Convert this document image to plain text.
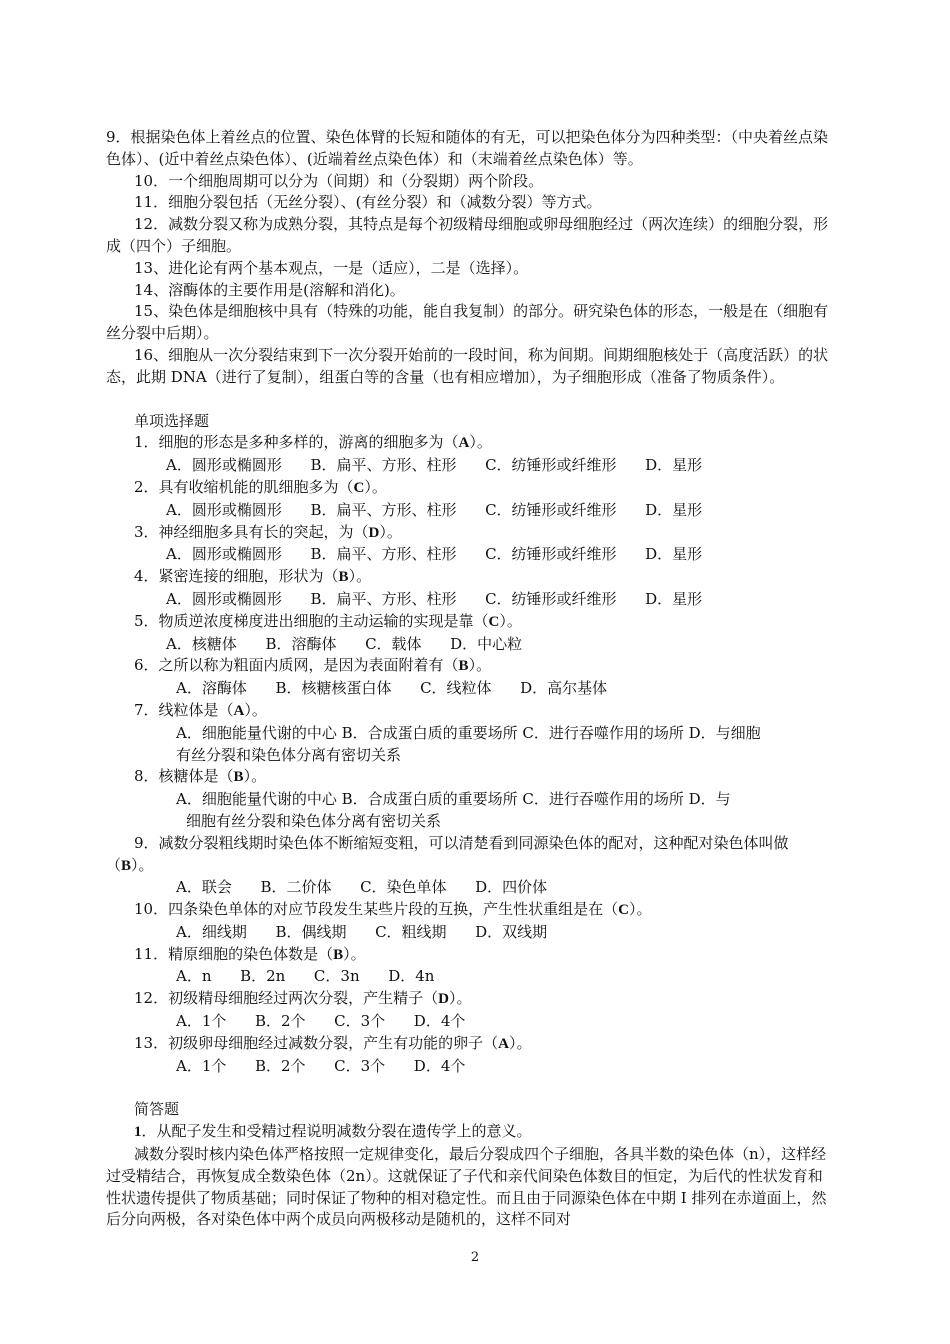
9．根据染色体上着丝点的位置、染色体臂的长短和随体的有无，可以把染色体分为四种类型：（中央着丝点染色体）、(近中着丝点染色体）、(近端着丝点染色体）和（末端着丝点染色体）等。

10．一个细胞周期可以分为（间期）和（分裂期）两个阶段。

11．细胞分裂包括（无丝分裂）、(有丝分裂）和（减数分裂）等方式。

12．减数分裂又称为成熟分裂，其特点是每个初级精母细胞或卵母细胞经过（两次连续）的细胞分裂，形成（四个）子细胞。

13、进化论有两个基本观点，一是（适应），二是（选择）。

14、溶酶体的主要作用是(溶解和消化)。

15、染色体是细胞核中具有（特殊的功能，能自我复制）的部分。研究染色体的形态，一般是在（细胞有丝分裂中后期）。

16、细胞从一次分裂结束到下一次分裂开始前的一段时间，称为间期。间期细胞核处于（高度活跃）的状态，此期 DNA（进行了复制），组蛋白等的含量（也有相应增加），为子细胞形成（准备了物质条件）。

单项选择题

1．细胞的形态是多种多样的，游离的细胞多为（A）。

A．圆形或椭圆形      B．扁平、方形、柱形      C．纺锤形或纤维形      D．星形

2．具有收缩机能的肌细胞多为（C）。

A．圆形或椭圆形      B．扁平、方形、柱形      C．纺锤形或纤维形      D．星形

3．神经细胞多具有长的突起，为（D）。

A．圆形或椭圆形      B．扁平、方形、柱形      C．纺锤形或纤维形      D．星形

4．紧密连接的细胞，形状为（B）。

A．圆形或椭圆形      B．扁平、方形、柱形      C．纺锤形或纤维形      D．星形

5．物质逆浓度梯度进出细胞的主动运输的实现是靠（C）。

A．核糖体      B．溶酶体      C．载体      D．中心粒

6．之所以称为粗面内质网，是因为表面附着有（B）。

A．溶酶体      B．核糖核蛋白体      C．线粒体      D．高尔基体

7．线粒体是（A）。

A．细胞能量代谢的中心 B．合成蛋白质的重要场所 C．进行吞噬作用的场所 D．与细胞

有丝分裂和染色体分离有密切关系

8．核糖体是（B）。

A．细胞能量代谢的中心 B．合成蛋白质的重要场所 C．进行吞噬作用的场所 D．与

细胞有丝分裂和染色体分离有密切关系

9．减数分裂粗线期时染色体不断缩短变粗，可以清楚看到同源染色体的配对，这种配对染色体叫做（B）。

A．联会      B．二价体      C．染色单体      D．四价体

10．四条染色单体的对应节段发生某些片段的互换，产生性状重组是在（C）。

A．细线期      B．偶线期      C．粗线期      D．双线期

11．精原细胞的染色体数是（B）。

A．n      B．2n      C．3n      D．4n

12．初级精母细胞经过两次分裂，产生精子（D）。

A．1个      B．2个      C．3个      D．4个

13．初级卵母细胞经过减数分裂，产生有功能的卵子（A）。

A．1个      B．2个      C．3个      D．4个

简答题

1．从配子发生和受精过程说明减数分裂在遗传学上的意义。

减数分裂时核内染色体严格按照一定规律变化，最后分裂成四个子细胞，各具半数的染色体（n），这样经过受精结合，再恢复成全数染色体（2n）。这就保证了子代和亲代间染色体数目的恒定，为后代的性状发育和性状遗传提供了物质基础；同时保证了物种的相对稳定性。而且由于同源染色体在中期 I 排列在赤道面上，然后分向两极，各对染色体中两个成员向两极移动是随机的，这样不同对

2
